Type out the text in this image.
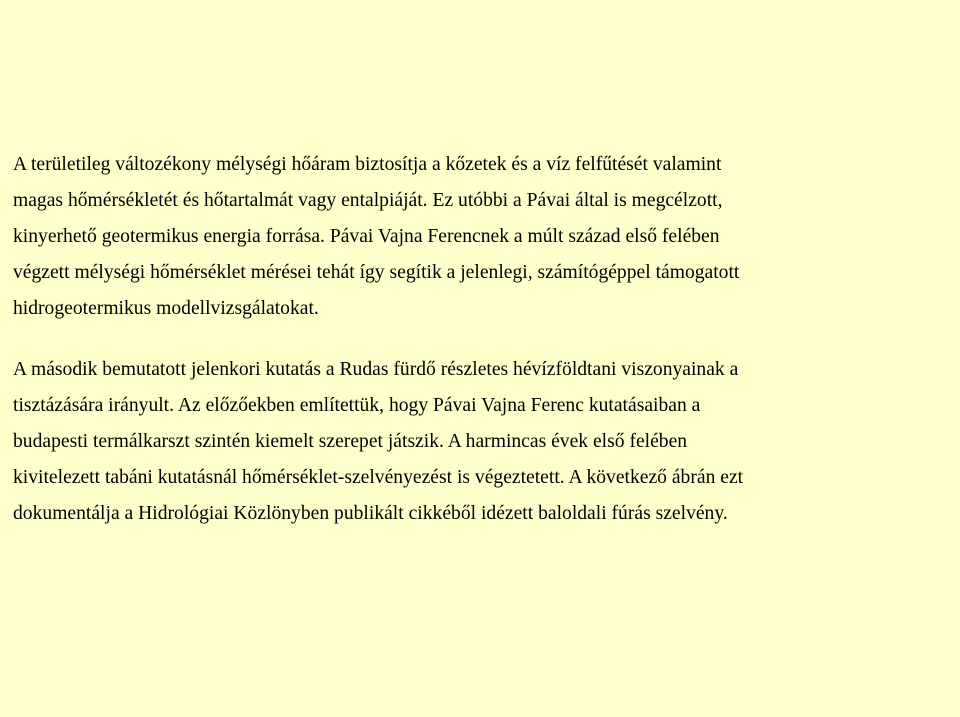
A területileg változékony mélységi hőáram biztosítja a kőzetek és a víz felfűtését valamint
magas hőmérsékletét és hőtartalmát vagy entalpiáját. Ez utóbbi a Pávai által is megcélzott,
kinyerhető geotermikus energia forrása. Pávai Vajna Ferencnek a múlt század első felében
végzett mélységi hőmérséklet mérései tehát így segítik a jelenlegi, számítógéppel támogatott
hidrogeotermikus modellvizsgálatokat.
A második bemutatott jelenkori kutatás a Rudas fürdő részletes hévízföldtani viszonyainak a
tisztázására irányult. Az előzőekben említettük, hogy Pávai Vajna Ferenc kutatásaiban a
budapesti termálkarszt szintén kiemelt szerepet játszik. A harmincas évek első felében
kivitelezett tabáni kutatásnál hőmérséklet-szelvényezést is végeztetett. A következő ábrán ezt
dokumentálja a Hidrológiai Közlönyben publikált cikkéből idézett baloldali fúrás szelvény.
